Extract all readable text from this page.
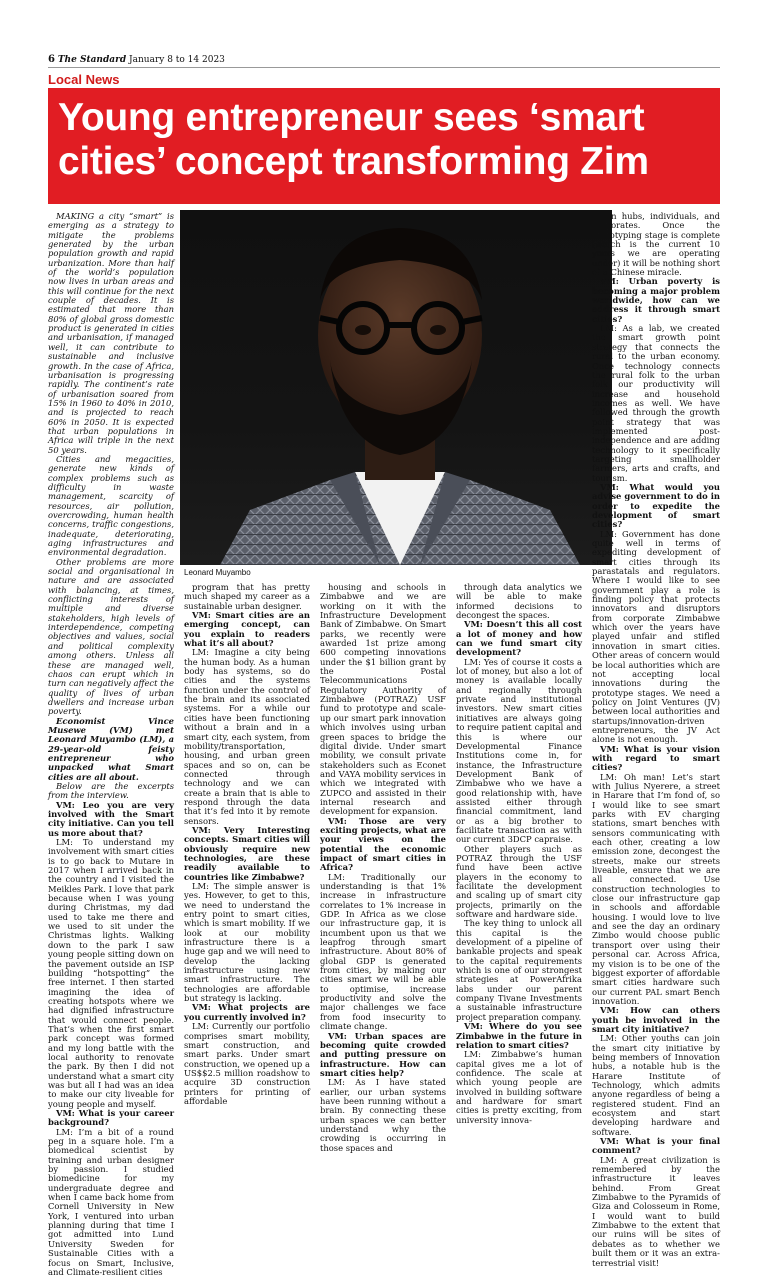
6 The Standard January 8 to 14 2023
Local News
Young entrepreneur sees ‘smart cities’ concept transforming Zim

MAKING a city “smart” is emerging as a strategy to mitigate the problems generated by the urban population growth and rapid urbanization. More than half of the world’s population now lives in urban areas and this will continue for the next couple of decades. It is estimated that more than 80% of global gross domestic product is generated in cities and urbanisation, if managed well, it can contribute to sustainable and inclusive growth. In the case of Africa, urbanisation is progressing rapidly. The continent’s rate of urbanisation soared from 15% in 1960 to 40% in 2010, and is projected to reach 60% in 2050. It is expected that urban populations in Africa will triple in the next 50 years.

Cities and megacities, generate new kinds of complex problems such as difficulty in waste management, scarcity of resources, air pollution, overcrowding, human health concerns, traffic congestions, inadequate, deteriorating, aging infrastructures and environmental degradation.

Other problems are more social and organisational in nature and are associated with balancing, at times, conflicting interests of multiple and diverse stakeholders, high levels of interdependence, competing objectives and values, social and political complexity among others. Unless all these are managed well, chaos can erupt which in turn can negatively affect the quality of lives of urban dwellers and increase urban poverty.

Economist Vince Musewe (VM) met Leonard Muyambo (LM), a 29-year-old feisty entrepreneur who unpacked what Smart cities are all about.

Below are the excerpts from the interview.

VM: Leo you are very involved with the Smart city initiative. Can you tell us more about that?

LM: To understand my involvement with smart cities is to go back to Mutare in 2017 when I arrived back in the country and I visited the Meikles Park. I love that park because when I was young during Christmas, my dad used to take me there and we used to sit under the Christmas lights. Walking down to the park I saw young people sitting down on the pavement outside an ISP building “hotspotting” the free internet. I then started imagining the idea of creating hotspots where we had dignified infrastructure that would connect people. That’s when the first smart park concept was formed and my long battle with the local authority to renovate the park. By then I did not understand what a smart city was but all I had was an idea to make our city liveable for young people and myself.

VM: What is your career background?

LM: I’m a bit of a round peg in a square hole. I’m a biomedical scientist by training and urban designer by passion. I studied biomedicine for my undergraduate degree and when I came back home from Cornell University in New York, I ventured into urban planning during that time I got admitted into Lund University Sweden for Sustainable Cities with a focus on Smart, Inclusive, and Climate-resilient cities

Leonard Muyambo

program that has pretty much shaped my career as a sustainable urban designer.

VM: Smart cities are an emerging concept, can you explain to readers what it’s all about?

LM: Imagine a city being the human body. As a human body has systems, so do cities and the systems function under the control of the brain and its associated systems. For a while our cities have been functioning without a brain and in a smart city, each system, from mobility/transportation, housing, and urban green spaces and so on, can be connected through technology and we can create a brain that is able to respond through the data that it’s fed into it by remote sensors.

VM: Very Interesting concepts. Smart cities will obviously require new technologies, are these readily available to countries like Zimbabwe?

LM: The simple answer is yes. However, to get to this, we need to understand the entry point to smart cities, which is smart mobility. If we look at our mobility infrastructure there is a huge gap and we will need to develop the lacking infrastructure using new smart infrastructure. The technologies are affordable but strategy is lacking.

VM: What projects are you currently involved in?

LM: Currently our portfolio comprises smart mobility, smart construction, and smart parks. Under smart construction, we opened up a US$$2.5 million roadshow to acquire 3D construction printers for printing of affordable

housing and schools in Zimbabwe and we are working on it with the Infrastructure Development Bank of Zimbabwe. On Smart parks, we recently were awarded 1st prize among 600 competing innovations under the $1 billion grant by the Postal Telecommunications Regulatory Authority of Zimbabwe (POTRAZ) USF fund to prototype and scale-up our smart park innovation which involves using urban green spaces to bridge the digital divide. Under smart mobility, we consult private stakeholders such as Econet and VAYA mobility services in which we integrated with ZUPCO and assisted in their internal research and development for expansion.

VM: Those are very exciting projects, what are your views on the potential the economic impact of smart cities in Africa?

LM: Traditionally our understanding is that 1% increase in infrastructure correlates to 1% increase in GDP. In Africa as we close our infrastructure gap, it is incumbent upon us that we leapfrog through smart infrastructure. About 80% of global GDP is generated from cities, by making our cities smart we will be able to optimise, increase productivity and solve the major challenges we face from food insecurity to climate change.

VM: Urban spaces are becoming quite crowded and putting pressure on infrastructure. How can smart cities help?

LM: As I have stated earlier, our urban systems have been running without a brain. By connecting these urban spaces we can better understand why the crowding is occurring in those spaces and

through data analytics we will be able to make informed decisions to decongest the spaces.

VM: Doesn’t this all cost a lot of money and how can we fund smart city development?

LM: Yes of course it costs a lot of money, but also a lot of money is available locally and regionally through private and institutional investors. New smart cities initiatives are always going to require patient capital and this is where our Developmental Finance Institutions come in, for instance, the Infrastructure Development Bank of Zimbabwe who we have a good relationship with, have assisted either through financial commitment, land or as a big brother to facilitate transaction as with our current 3DCP capraise.

Other players such as POTRAZ through the USF fund have been active players in the economy to facilitate the development and scaling up of smart city projects, primarily on the software and hardware side.

The key thing to unlock all this capital is the development of a pipeline of bankable projects and speak to the capital requirements which is one of our strongest strategies at PowerAfrika labs under our parent company Tivane Investments a sustainable infrastructure project preparation company.

VM: Where do you see Zimbabwe in the future in relation to smart cities?

LM: Zimbabwe’s human capital gives me a lot of confidence. The scale at which young people are involved in building software and hardware for smart cities is pretty exciting, from university innova-

tion hubs, individuals, and corporates. Once the prototyping stage is complete (which is the current 10 years we are operating under) it will be nothing short of a Chinese miracle.

VM: Urban poverty is becoming a major problem worldwide, how can we address it through smart cities?

LM: As a lab, we created the smart growth point strategy that connects the rural to the urban economy. Once technology connects the rural folk to the urban folk our productivity will increase and household incomes as well. We have followed through the growth point strategy that was implemented post-independence and are adding technology to it specifically targeting smallholder farmers, arts and crafts, and tourism.

VM: What would you advise government to do in order to expedite the development of smart cities?

LM: Government has done quite well in terms of expediting development of smart cities through its parastatals and regulators. Where I would like to see government play a role is finding policy that protects innovators and disruptors from corporate Zimbabwe which over the years have played unfair and stifled innovation in smart cities. Other areas of concern would be local authorities which are not accepting local innovations during the prototype stages. We need a policy on Joint Ventures (JV) between local authorities and startups/innovation-driven entrepreneurs, the JV Act alone is not enough.

VM: What is your vision with regard to smart cities?

LM: Oh man! Let’s start with Julius Nyerere, a street in Harare that I’m fond of, so I would like to see smart parks with EV charging stations, smart benches with sensors communicating with each other, creating a low emission zone, decongest the streets, make our streets liveable, ensure that we are all connected. Use construction technologies to close our infrastructure gap in schools and affordable housing. I would love to live and see the day an ordinary Zimbo would choose public transport over using their personal car. Across Africa, my vision is to be one of the biggest exporter of affordable smart cities hardware such our current PAL smart Bench innovation.

VM: How can others youth be involved in the smart city initiative?

LM: Other youths can join the smart city initiative by being members of Innovation hubs, a notable hub is the Harare Institute of Technology, which admits anyone regardless of being a registered student. Find an ecosystem and start developing hardware and software.

VM: What is your final comment?

LM: A great civilization is remembered by the infrastructure it leaves behind. From Great Zimbabwe to the Pyramids of Giza and Colosseum in Rome, I would want to build Zimbabwe to the extent that our ruins will be sites of debates as to whether we built them or it was an extra-terrestrial visit!
